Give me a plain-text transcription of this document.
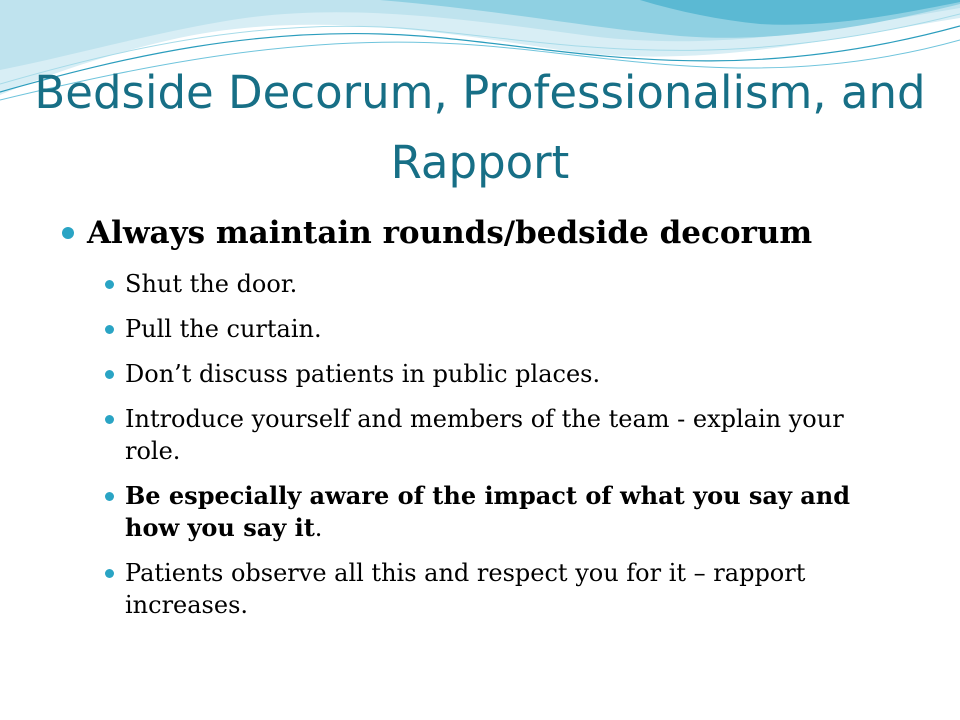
Bedside Decorum, Professionalism, and Rapport
Always maintain rounds/bedside decorum
Shut the door.
Pull the curtain.
Don’t discuss patients in public places.
Introduce yourself and members of the team - explain your role.
Be especially aware of the impact of what you say and how you say it.
Patients observe all this and respect you for it – rapport increases.
